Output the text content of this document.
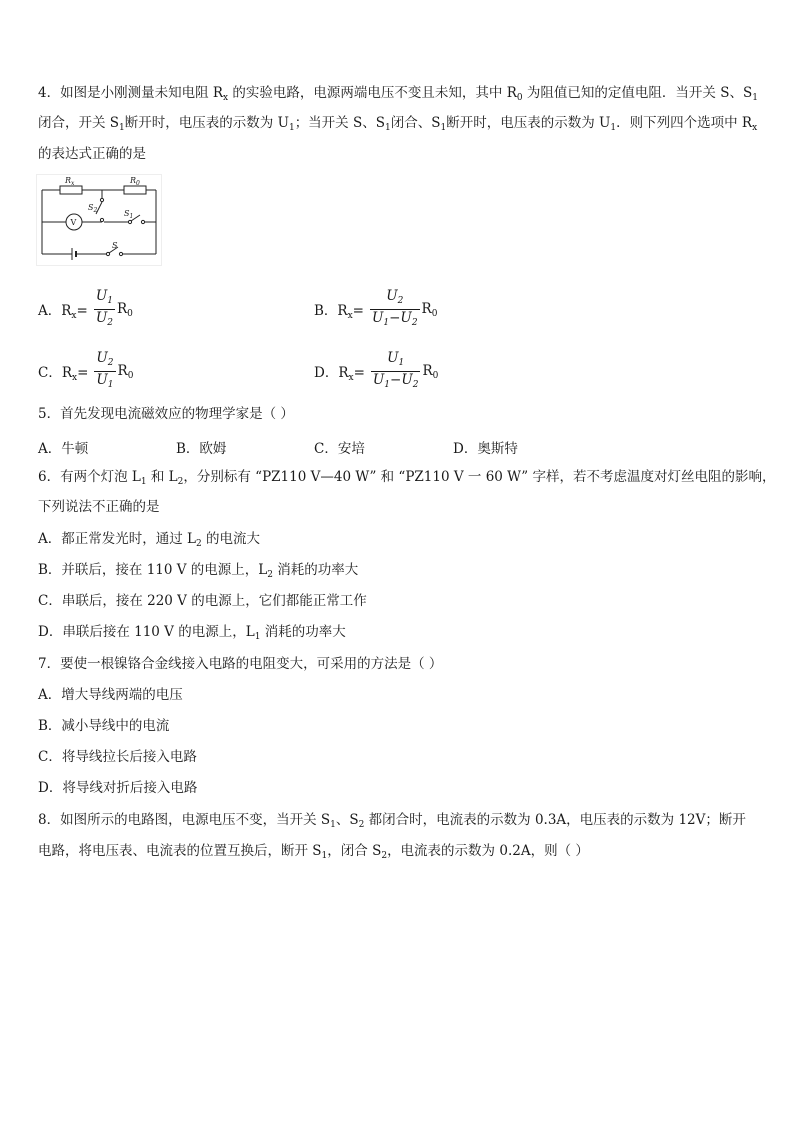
4．如图是小刚测量未知电阻 $R_x$ 的实验电路，电源两端电压不变且未知，其中 $R_0$ 为阻值已知的定值电阻．当开关 S、$S_1$
闭合，开关 $S_1$断开时，电压表的示数为 $U_1$；当开关 S、$S_1$闭合、$S_1$断开时，电压表的示数为 $U_1$．则下列四个选项中 $R_x$
的表达式正确的是
$R_x$	$R_0$
$S_2$	$S_1$
S
V
A．$R_x= \frac{U_1}{U_2} R_0$	B．$R_x= \frac{U_2}{U_1-U_2} R_0$
C．$R_x= \frac{U_2}{U_1} R_0$	D．$R_x= \frac{U_1}{U_1-U_2} R_0$
5．首先发现电流磁效应的物理学家是（ ）
A．牛顿	B．欧姆	C．安培	D．奥斯特
6．有两个灯泡 $L_1$ 和 $L_2$，分别标有 “PZ110 V—40 W” 和 “PZ110 V 一 60 W” 字样，若不考虑温度对灯丝电阻的影响，
下列说法不正确的是
A．都正常发光时，通过 $L_2$ 的电流大
B．并联后，接在 110 V 的电源上，$L_2$ 消耗的功率大
C．串联后，接在 220 V 的电源上，它们都能正常工作
D．串联后接在 110 V 的电源上，$L_1$ 消耗的功率大
7．要使一根镍铬合金线接入电路的电阻变大，可采用的方法是（ ）
A．增大导线两端的电压
B．减小导线中的电流
C．将导线拉长后接入电路
D．将导线对折后接入电路
8．如图所示的电路图，电源电压不变，当开关 $S_1$、$S_2$ 都闭合时，电流表的示数为 0.3A，电压表的示数为 12V；断开
电路，将电压表、电流表的位置互换后，断开 $S_1$，闭合 $S_2$，电流表的示数为 0.2A，则（ ）
